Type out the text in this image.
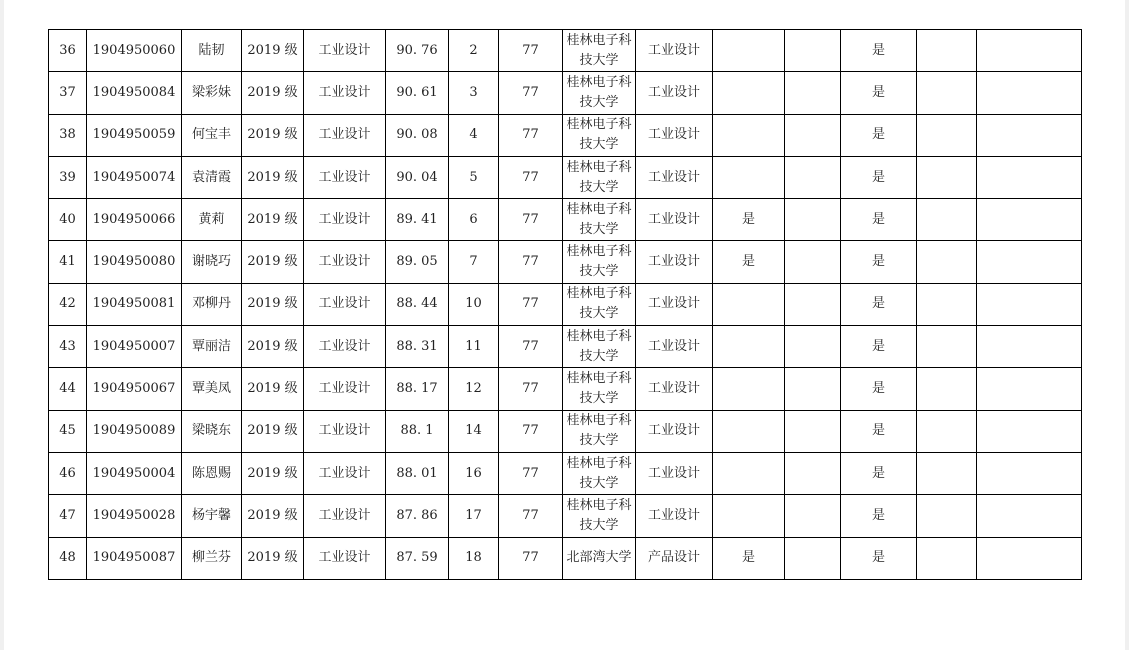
36	1904950060	陆韧	2019 级	工业设计	90. 76	2	77	桂林电子科技大学	工业设计			是		
37	1904950084	梁彩妹	2019 级	工业设计	90. 61	3	77	桂林电子科技大学	工业设计			是		
38	1904950059	何宝丰	2019 级	工业设计	90. 08	4	77	桂林电子科技大学	工业设计			是		
39	1904950074	袁清霞	2019 级	工业设计	90. 04	5	77	桂林电子科技大学	工业设计			是		
40	1904950066	黄莉	2019 级	工业设计	89. 41	6	77	桂林电子科技大学	工业设计	是		是		
41	1904950080	谢晓巧	2019 级	工业设计	89. 05	7	77	桂林电子科技大学	工业设计	是		是		
42	1904950081	邓柳丹	2019 级	工业设计	88. 44	10	77	桂林电子科技大学	工业设计			是		
43	1904950007	覃丽洁	2019 级	工业设计	88. 31	11	77	桂林电子科技大学	工业设计			是		
44	1904950067	覃美凤	2019 级	工业设计	88. 17	12	77	桂林电子科技大学	工业设计			是		
45	1904950089	梁晓东	2019 级	工业设计	88. 1	14	77	桂林电子科技大学	工业设计			是		
46	1904950004	陈恩赐	2019 级	工业设计	88. 01	16	77	桂林电子科技大学	工业设计			是		
47	1904950028	杨宇馨	2019 级	工业设计	87. 86	17	77	桂林电子科技大学	工业设计			是		
48	1904950087	柳兰芬	2019 级	工业设计	87. 59	18	77	北部湾大学	产品设计	是		是		
